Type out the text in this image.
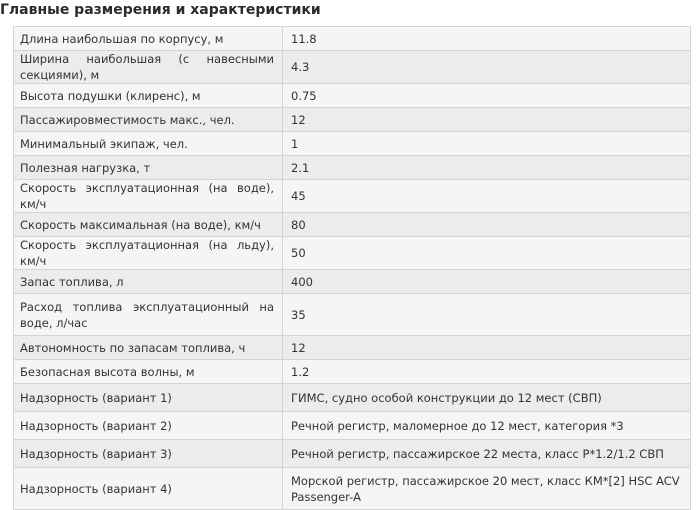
Главные размерения и характеристики
Длина наибольшая по корпусу, м	11.8
Ширина наибольшая (с навесными секциями), м	4.3
Высота подушки (клиренс), м	0.75
Пассажировместимость макс., чел.	12
Минимальный экипаж, чел.	1
Полезная нагрузка, т	2.1
Скорость эксплуатационная (на воде), км/ч	45
Скорость максимальная (на воде), км/ч	80
Скорость эксплуатационная (на льду), км/ч	50
Запас топлива, л	400
Расход топлива эксплуатационный на воде, л/час	35
Автономность по запасам топлива, ч	12
Безопасная высота волны, м	1.2
Надзорность (вариант 1)	ГИМС, судно особой конструкции до 12 мест (СВП)
Надзорность (вариант 2)	Речной регистр, маломерное до 12 мест, категория *3
Надзорность (вариант 3)	Речной регистр, пассажирское 22 места, класс Р*1.2/1.2 СВП
Надзорность (вариант 4)	Морской регистр, пассажирское 20 мест, класс КМ*[2] HSC ACV Passenger-A
